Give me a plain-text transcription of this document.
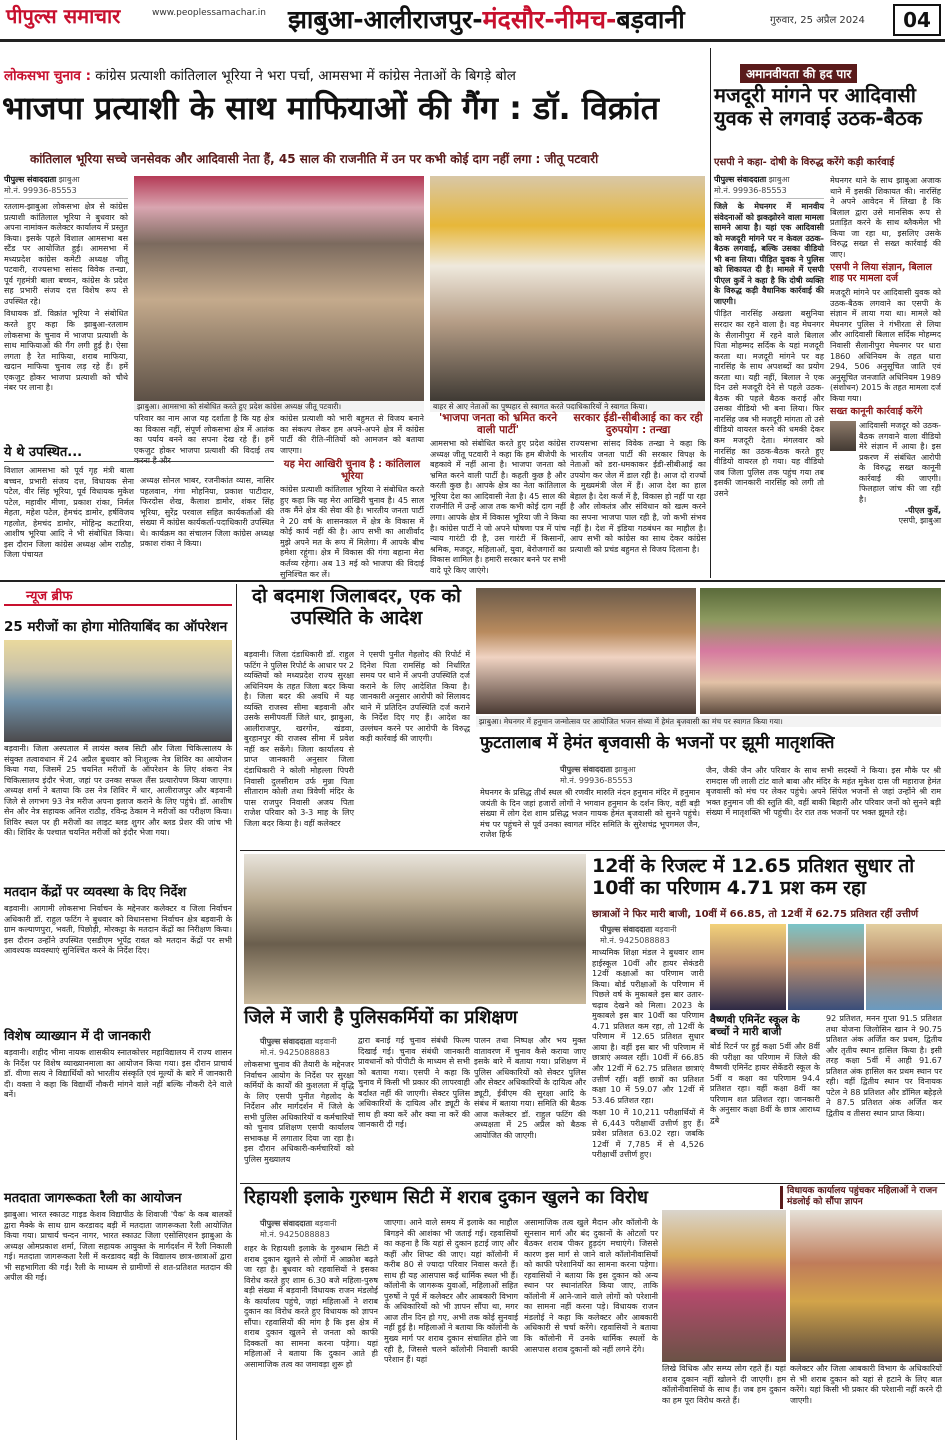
पीपुल्स समाचार	www.peoplessamachar.in झाबुआ-आलीराजपुर-मंदसौर-नीमच-बड़वानी	गुरुवार, 25 अप्रैल 2024	04
लोकसभा चुनाव : कांग्रेस प्रत्याशी कांतिलाल भूरिया ने भरा पर्चा, आमसभा में कांग्रेस नेताओं के बिगड़े बोल
भाजपा प्रत्याशी के साथ माफियाओं की गैंग : डॉ. विक्रांत
कांतिलाल भूरिया सच्चे जनसेवक और आदिवासी नेता हैं, 45 साल की राजनीति में उन पर कभी कोई दाग नहीं लगा : जीतू पटवारी
पीपुल्स संवाददाता झाबुआ
मो.नं. 99936-85553

रतलाम-झाबुआ लोकसभा क्षेत्र से कांग्रेस प्रत्याशी कांतिलाल भूरिया ने बुधवार को अपना नामांकन कलेक्टर कार्यालय में प्रस्तुत किया। इसके पहले विशाल आमसभा बस स्टैंड पर आयोजित हुई। आमसभा में मध्यप्रदेश कांग्रेस कमेटी अध्यक्ष जीतू पटवारी, राज्यसभा सांसद विवेक तन्खा, पूर्व गृहमंत्री बाला बच्चन, कांग्रेस के प्रदेश सह प्रभारी संजय दत्त विशेष रूप से उपस्थित रहे।

विधायक डॉ. विक्रांत भूरिया ने संबोधित करते हुए कहा कि झाबुआ-रतलाम लोकसभा के चुनाव में भाजपा प्रत्याशी के साथ माफियाओं की गैंग लगी हुई है। ऐसा लगता है रेत माफिया, शराब माफिया, खदान माफिया चुनाव लड़ रहे हैं। हमें एकजुट होकर भाजपा प्रत्याशी को चौथे नंबर पर लाना है।

झाबुआ। आमसभा को संबोधित करते हुए प्रदेश कांग्रेस अध्यक्ष जीतू पटवारी।	बाहर से आए नेताओं का पुष्पहार से स्वागत करते पदाधिकारियों ने स्वागत किया।

परिवार का नाम आज यह दर्शाता है कि यह क्षेत्र का विकास नहीं, संपूर्ण लोकसभा क्षेत्र में आतंक का पर्याय बनने का सपना देख रहे हैं। हमें एकजुट होकर भाजपा प्रत्याशी की विदाई तय करना है और

कांग्रेस प्रत्याशी को भारी बहुमत से विजय बनाने का संकल्प लेकर हम अपने-अपने क्षेत्र में कांग्रेस पार्टी की रीति-नीतियों को आमजन को बताया जाएगा।

यह मेरा आखिरी चुनाव है : कांतिलाल भूरिया

कांग्रेस प्रत्याशी कांतिलाल भूरिया ने संबोधित करते हुए कहा कि यह मेरा आखिरी चुनाव है। 45 साल तक मैंने क्षेत्र की सेवा की है। भारतीय जनता पार्टी ने 20 वर्ष के शासनकाल में क्षेत्र के विकास में कोई कार्य नहीं की है। आप सभी का आशीर्वाद मुझे अपने मत के रूप में मिलेगा। मैं आपके बीच हमेशा रहूंगा। क्षेत्र में विकास की गंगा बहाना मेरा कर्तव्य रहेगा। अब 13 मई को भाजपा की विदाई सुनिश्चित कर लें।

ये थे उपस्थित...

विशाल आमसभा को पूर्व गृह मंत्री बाला बच्चन, प्रभारी संजय दत्त, विधायक सेना पटेल, वीर सिंह भूरिया, पूर्व विधायक मुकेश पटेल, महावीर मीणा, प्रकाश रांका, निर्मल मेहता, महेश पटेल, हेमचंद डामोर, हर्षविजय गहलोत, हेमचंद डामोर, मोहिन्द्र कटारिया, आशीष भूरिया आदि ने भी संबोधित किया। इस दौरान जिला कांग्रेस अध्यक्ष ओम राठौड़, जिला पंचायत

अध्यक्ष सोनल भाबर, रजनीकांत व्यास, नासिर पहलवान, गंगा मोहनिया, प्रकाश पाटीदार, फिरदोस शेख, कैलाश डामोर, शंकर सिंह भूरिया, सुरेंद्र परवाल सहित कार्यकर्ताओं की संख्या में कांग्रेस कार्यकर्ता-पदाधिकारी उपस्थित थे। कार्यक्रम का संचालन जिला कांग्रेस अध्यक्ष प्रकाश रांका ने किया।

'भाजपा जनता को भ्रमित करने वाली पार्टी'

आमसभा को संबोधित करते हुए प्रदेश कांग्रेस अध्यक्ष जीतू पटवारी ने कहा कि हम बीजेपी के बहकावे में नहीं आना है। भाजपा जनता को भ्रमित करने वाली पार्टी है। कहती कुछ है और करती कुछ है। आपके क्षेत्र का नेता कांतिलाल भूरिया देश का आदिवासी नेता है। 45 साल की राजनीति में उन्हें आज तक कभी कोई दाग नहीं लगा। आपके क्षेत्र में विकास भूरिया जी ने किया है। कांग्रेस पार्टी ने जो अपने घोषणा पत्र में पांच न्याय गारंटी दी है, उस गारंटी में किसानों, श्रमिक, मजदूर, महिलाओं, युवा, बेरोजगारों का विकास शामिल है। हमारी सरकार बनने पर सभी वादे पूरे किए जाएंगे।

सरकार ईडी-सीबीआई का कर रही दुरुपयोग : तन्खा

राज्यसभा सांसद विवेक तन्खा ने कहा कि भारतीय जनता पार्टी की सरकार विपक्ष के नेताओं को डरा-धमकाकर ईडी-सीबीआई का उपयोग कर जेल में डाल रही है। आज दो राज्यों के मुख्यमंत्री जेल में हैं। आज देश का हाल बेहाल है। देश कर्ज में है, विकास हो नहीं पा रहा है और लोकतंत्र और संविधान को खत्म करने का सपना भाजपा पाल रही है, जो कभी संभव नहीं है। देश में इंडिया गठबंधन का माहौल है। आप सभी को कांग्रेस का साथ देकर कांग्रेस प्रत्याशी को प्रचंड बहुमत से विजय दिलाना है।

अमानवीयता की हद पार
मजदूरी मांगने पर आदिवासी युवक से लगवाई उठक-बैठक
एसपी ने कहा- दोषी के विरुद्ध करेंगे कड़ी कार्रवाई
पीपुल्स संवाददाता झाबुआ
मो.नं. 99936-85553

जिले के मेघनगर में मानवीय संवेदनाओं को झकझोरने वाला मामला सामने आया है। यहां एक आदिवासी को मजदूरी मांगने पर न केवल उठक-बैठक लगवाई, बल्कि उसका वीडियो भी बना लिया। पीड़ित युवक ने पुलिस को शिकायत दी है। मामले में एसपी पीएल कुर्वे ने कहा है कि दोषी व्यक्ति के विरुद्ध कड़ी वैधानिक कार्रवाई की जाएगी।

पीड़ित नारसिंह अखला बसुनिया सरदार का रहने वाला है। वह मेघनगर के सैलानीपुरा में रहने वाले बिलाल पिता मोहम्मद सर्दिक के यहां मजदूरी करता था। मजदूरी मांगने पर वह नारसिंह के साथ अपशब्दों का प्रयोग करता था। यही नहीं, बिलाल ने एक दिन उसे मजदूरी देने से पहले उठक-बैठक की पहले बैठक कराई और उसका वीडियो भी बना लिया। फिर नारसिंह जब भी मजदूरी मांगता तो उसे वीडियो वायरल करने की धमकी देकर कम मजदूरी देता। मंगलवार को नारसिंह का उठक-बैठक करते हुए वीडियो वायरल हो गया। यह वीडियो जब जिला पुलिस तक पहुंच गया तब इसकी जानकारी नारसिंह को लगी तो उसने

मेघनगर थाने के साथ झाबुआ अजाक थाने में इसकी शिकायत की। नारसिंह ने अपने आवेदन में लिखा है कि बिलाल द्वारा उसे मानसिक रूप से प्रताड़ित करने के साथ ब्लैकमेल भी किया जा रहा था, इसलिए उसके विरुद्ध सख्त से सख्त कार्रवाई की जाए।

एसपी ने लिया संज्ञान, बिलाल शाह पर मामला दर्ज

मजदूरी मांगने पर आदिवासी युवक को उठक-बैठक लगवाने का एसपी के संज्ञान में लाया गया था। मामले को मेघनगर पुलिस ने गंभीरता से लिया और आदिवासी बिलाल सर्दिक मोहम्मद निवासी सैलानीपुरा मेघनगर पर धारा 1860 अधिनियम के तहत धारा 294, 506 अनुसूचित जाति एवं अनुसूचित जनजाति अधिनियम 1989 (संशोधन) 2015 के तहत मामला दर्ज किया गया।

सख्त कानूनी कार्रवाई करेंगे

आदिवासी मजदूर को उठक-बैठक लगवाने वाला वीडियो मेरे संज्ञान में आया है। इस प्रकरण में संबंधित आरोपी के विरुद्ध सख्त कानूनी कार्रवाई की जाएगी। फिलहाल जांच की जा रही है।

-पीएल कुर्वे,

एसपी, झाबुआ

न्यूज ब्रीफ
25 मरीजों का होगा मोतियाबिंद का ऑपरेशन

बड़वानी। जिला अस्पताल में लायंस क्लब सिटी और जिला चिकित्सालय के संयुक्त तत्वावधान में 24 अप्रैल बुधवार को निःशुल्क नेत्र शिविर का आयोजन किया गया, जिसमें 25 चयनित मरीजों के ऑपरेशन के लिए शंकरा नेत्र चिकित्सालय इंदौर भेजा, जहां पर उनका सफल लैंस प्रत्यारोपण किया जाएगा। अध्यक्ष शर्मा ने बताया कि उस नेत्र शिविर में धार, आलीराजपुर और बड़वानी जिले से लगभग 93 नेत्र मरीज अपना इलाज कराने के लिए पहुंचे। डॉ. आशीष सेन और नेत्र सहायक अनिल राठौड़, रविन्द्र ठेकाम ने मरीजों का परीक्षण किया। शिविर स्थल पर ही मरीजों का लाइट ब्लड शुगर और ब्लड प्रेशर की जांच भी की। शिविर के पश्चात चयनित मरीजों को इंदौर भेजा गया।

मतदान केंद्रों पर व्यवस्था के दिए निर्देश

बड़वानी। आगामी लोकसभा निर्वाचन के मद्देनजर कलेक्टर व जिला निर्वाचन अधिकारी डॉ. राहुल फटिंग ने बुधवार को विधानसभा निर्वाचन क्षेत्र बड़वानी के ग्राम कल्याणपुरा, भवती, पिछोड़ी, मोरकट्टा के मतदान केंद्रों का निरीक्षण किया। इस दौरान उन्होंने उपस्थित एसडीएम भूपेंद्र रावत को मतदान केंद्रों पर सभी आवश्यक व्यवस्थाएं सुनिश्चित करने के निर्देश दिए।

विशेष व्याख्यान में दी जानकारी

बड़वानी। शहीद भीमा नायक शासकीय स्नातकोत्तर महाविद्यालय में राज्य शासन के निर्देश पर विशेष व्याख्यानमाला का आयोजन किया गया। इस दौरान प्राचार्य डॉ. वीणा सत्य ने विद्यार्थियों को भारतीय संस्कृति एवं मूल्यों के बारे में जानकारी दी। वक्ता ने कहा कि विद्यार्थी नौकरी मांगने वाले नहीं बल्कि नौकरी देने वाले बनें।

मतदाता जागरूकता रैली का आयोजन

झाबुआ। भारत स्काउट गाइड केशव विद्यापीठ के शिवाजी 'पैक' के कब बालकों द्वारा मैक्के के साथ ग्राम करडावद बड़ी में मतदाता जागरूकता रैली आयोजित किया गया। प्राचार्य चन्दन नागर, भारत स्काउट जिला एसोसिएशन झाबुआ के अध्यक्ष ओमप्रकाश शर्मा, जिला सहायक आयुक्त के मार्गदर्शन में रैली निकाली गई। मतदाता जागरूकता रैली में करडावद बड़ी के विद्यालय छात्र-छात्राओं द्वारा भी सहभागिता की गई। रैली के माध्यम से ग्रामीणों से शत-प्रतिशत मतदान की अपील की गई।

दो बदमाश जिलाबदर, एक को उपस्थिति के आदेश

बड़वानी। जिला दंडाधिकारी डॉ. राहुल फटिंग ने पुलिस रिपोर्ट के आधार पर 2 व्यक्तियों को मध्यप्रदेश राज्य सुरक्षा अधिनियम के तहत जिला बदर किया है। जिला बदर की अवधि में यह व्यक्ति राजस्व सीमा बड़वानी और उसके समीपवर्ती जिले धार, झाबुआ, आलीराजपुर, खरगोन, खंडवा, बुरहानपुर की राजस्व सीमा में प्रवेश नहीं कर सकेंगे। जिला कार्यालय से प्राप्त जानकारी अनुसार जिला दंडाधिकारी ने कोली मोहल्ला पिपरी निवासी दुलसीराम उर्फ मुन्ना पिता सीताराम कोली तथा त्रिवेणी मंदिर के पास राजपुर निवासी अजय पिता राजेश परिवार को 3-3 माह के लिए जिला बदर किया है। वहीं कलेक्टर

ने एसपी पुनीत गेहलोद की रिपोर्ट में दिनेश पिता रामसिंह को निर्धारित समय पर थाने में अपनी उपस्थिति दर्ज कराने के लिए आदेशित किया है। जानकारी अनुसार आरोपी को सिलावद थाने में प्रतिदिन उपस्थिति दर्ज कराने के निर्देश दिए गए हैं। आदेश का उल्लंघन करने पर आरोपी के विरुद्ध कड़ी कार्रवाई की जाएगी।

झाबुआ। मेघनगर में हनुमान जन्मोत्सव पर आयोजित भजन संध्या में हेमंत बृजवासी का मंच पर स्वागत किया गया।
फुटतालाब में हेमंत बृजवासी के भजनों पर झूमी मातृशक्ति
पीपुल्स संवाददाता झाबुआ
मो.नं. 99936-85553

मेघनगर के प्रसिद्ध तीर्थ स्थल श्री रणवीर मारुति नंदन हनुमान मंदिर में हनुमान जयंती के दिन जहां हजारों लोगों ने भगवान हनुमान के दर्शन किए, वहीं बड़ी संख्या में लोग देश शाम प्रसिद्ध भजन गायक हेमंत बृजवासी को सुनने पहुंचे। मंच पर पहुंचने से पूर्व उनका स्वागत मंदिर समिति के सुरेशचंद्र भूपगमल जैन, राजेश हिर्फ

जैन, जैकी जैन और परिवार के साथ सभी सदस्यों ने किया। इस मौके पर श्री रामदास जी लाली टांट वाले बाबा और मंदिर के महंत मुकेश दास जी महाराज हेमंत बृजवासी को मंच पर लेकर पहुंचे। अपने सिंपेल भजनों से जहां उन्होंने श्री राम भक्त हनुमान जी की स्तुति की, वहीं बाकी बिहारी और परिवार जनों को सुनने बड़ी संख्या में मातृशक्ति भी पहुंची। देर रात तक भजनों पर भक्त झूमते रहे।

जिले में जारी है पुलिसकर्मियों का प्रशिक्षण
पीपुल्स संवाददाता बड़वानी
मो.नं. 9425088883

लोकसभा चुनाव की तैयारी के मद्देनजर निर्वाचन आयोग के निर्देश पर सुरक्षा कर्मियों के कार्यों की कुशलता में वृद्धि के लिए एसपी पुनीत गेहलोद के निर्देशन और मार्गदर्शन में जिले के सभी पुलिस अधिकारियों व कर्मचारियों को चुनाव प्रशिक्षण एसपी कार्यालय सभाकक्ष में लगातार दिया जा रहा है। इस दौरान अधिकारी-कर्मचारियों को पुलिस मुख्यालय

द्वारा बनाई गई चुनाव संबंधी फिल्म दिखाई गई। चुनाव संबंधी जानकारी प्रावधानों को पीपीटी के माध्यम से सभी को बताया गया। एसपी ने कहा कि चुनाव में किसी भी प्रकार की लापरवाही बर्दाश्त नहीं की जाएगी। सेक्टर पुलिस अधिकारियों के दायित्व और ड्यूटी के साथ ही क्या करें और क्या ना करें की जानकारी दी गई।

पालन तथा निष्पक्ष और भय मुक्त वातावरण में चुनाव कैसे कराया जाए इसके बारे में बताया गया। प्रशिक्षण में पुलिस अधिकारियों को सेक्टर पुलिस और सेक्टर अधिकारियों के दायित्व और ड्यूटी, ईवीएम की सुरक्षा आदि के संबंध में बताया गया। समिति की बैठक आज कलेक्टर डॉ. राहुल फटिंग की अध्यक्षता में 25 अप्रैल को बैठक आयोजित की जाएगी।

12वीं के रिजल्ट में 12.65 प्रतिशत सुधार तो 10वीं का परिणाम 4.71 प्रश कम रहा
छात्राओं ने फिर मारी बाजी, 10वीं में 66.85, तो 12वीं में 62.75 प्रतिशत रहीं उत्तीर्ण
पीपुल्स संवाददाता बड़वानी
मो.नं. 9425088883

माध्यमिक शिक्षा मंडल ने बुधवार शाम हाईस्कूल 10वीं और हायर सेकंडरी 12वीं कक्षाओं का परिणाम जारी किया। बोर्ड परीक्षाओं के परिणाम में पिछले वर्ष के मुकाबले इस बार उतार-चढ़ाव देखने को मिला। 2023 के मुकाबले इस बार 10वीं का परिणाम 4.71 प्रतिशत कम रहा, तो 12वीं के परिणाम में 12.65 प्रतिशत सुधार आया है। वहीं इस बार भी परिणाम में छात्राएं अव्वल रहीं। 10वीं में 66.85 और 12वीं में 62.75 प्रतिशत छात्राएं उत्तीर्ण रहीं। वहीं छात्रों का प्रतिशत कक्षा 10 में 59.07 और 12वीं में 53.46 प्रतिशत रहा।

कक्षा 10 में 10,211 परीक्षार्थियों में से 6,443 परीक्षार्थी उत्तीर्ण हुए हैं। प्रवेश प्रतिशत 63.02 रहा। जबकि 12वीं में 7,785 में से 4,526 परीक्षार्थी उत्तीर्ण हुए।

वैष्णवी एमिनेंट स्कूल के बच्चों ने मारी बाजी

बोर्ड रिटर्न पर हुई कक्षा 5वीं और 8वीं की परीक्षा का परिणाम में जिले की वैष्णवी एमिनेंट हायर सेकेंडरी स्कूल के 5वीं व कक्षा का परिणाम 94.4 प्रतिशत रहा। वहीं कक्षा 8वीं का परिणाम शत प्रतिशत रहा। जानकारी के अनुसार कक्षा 8वीं के छात्र आराध्य द्वबे

92 प्रतिशत, मनन गुप्ता 91.5 प्रतिशत तथा योजना जिलोसिन खान ने 90.75 प्रतिशत अंक अर्जित कर प्रथम, द्वितीय और तृतीय स्थान हासिल किया है। इसी तरह कक्षा 5वीं में आही 91.67 प्रतिशत अंक हासिल कर प्रथम स्थान पर रही। वहीं द्वितीय स्थान पर विनायक पटेल ने 88 प्रतिशत और डॉमिल बहेड़ले ने 87.5 प्रतिशत अंक अर्जित कर द्वितीय व तीसरा स्थान प्राप्त किया।

रिहायशी इलाके गुरुधाम सिटी में शराब दुकान खुलने का विरोध	विधायक कार्यालय पहुंचकर महिलाओं ने राजन मंडलोई को सौंपा ज्ञापन
पीपुल्स संवाददाता बड़वानी
मो.नं. 9425088883

शहर के रिहायशी इलाके के गुरुधाम सिटी में शराब दुकान खुलने से लोगों में आक्रोश बढ़ते जा रहा है। बुधवार को रहवासियों ने इसका विरोध करते हुए शाम 6.30 बजे महिला-पुरुष बड़ी संख्या में बड़वानी विधायक राजन मंडलोई के कार्यालय पहुंचे, जहां महिलाओं ने शराब दुकान का विरोध करते हुए विधायक को ज्ञापन सौंपा। रहवासियों की मांग है कि इस क्षेत्र में शराब दुकान खुलने से जनता को काफी दिक्कतों का सामना करना पड़ेगा। यहां महिलाओं ने बताया कि दुकान आते ही असामाजिक तत्व का जमावड़ा शुरू हो

जाएगा। आने वाले समय में इलाके का माहौल बिगड़ने की आशंका भी जताई गई। रहवासियों का कहना है कि यहां से दुकान हटाई जाए और कहीं और शिफ्ट की जाए। यहां कॉलोनी में करीब 80 से ज्यादा परिवार निवास करते हैं। साथ ही यह आसपास कई धार्मिक स्थल भी हैं। कॉलोनी के जागरूक युवाओं, महिलाओं सहित पुरुषों ने पूर्व में कलेक्टर और आबकारी विभाग के अधिकारियों को भी ज्ञापन सौंपा था, मगर आज तीन दिन हो गए, अभी तक कोई सुनवाई नहीं हुई है। महिलाओं ने बताया कि कॉलोनी के मुख्य मार्ग पर शराब दुकान संचालित होने जा रही है, जिससे चलने कॉलोनी निवासी काफी परेशान हैं। यहां

असामाजिक तत्व खुले मैदान और कॉलोनी के सूनसान मार्ग और बंद दुकानों के ओटलों पर बैठकर शराब पीकर हुड़दंग मचाएंगे। जिससे कारण इस मार्ग से जाने वाले कॉलोनीवासियों को काफी परेशानियों का सामना करना पड़ेगा। रहवासियों ने बताया कि इस दुकान को अन्य स्थान पर स्थानांतरित किया जाए, ताकि कॉलोनी में आने-जाने वाले लोगों को परेशानी का सामना नहीं करना पड़े। विधायक राजन मंडलोई ने कहा कि कलेक्टर और आबकारी अधिकारी से चर्चा करेंगे। रहवासियों ने बताया कि कॉलोनी में उनके धार्मिक स्थलों के आसपास शराब दुकानों को नहीं लगने देंगे।

लिखे विधिक और सम्प्य लोग रहते हैं। यहां शराब दुकान नहीं खोलने दी जाएगी। हम कॉलोनीवासियों के साथ हैं। जब हम दुकान का हम पूरा विरोध करते हैं।

कलेक्टर और जिला आबकारी विभाग के अधिकारियों से भी शराब दुकान को यहां से हटाने के लिए बात करेंगे। यहां किसी भी प्रकार की परेशानी नहीं करने दी जाएगी।
